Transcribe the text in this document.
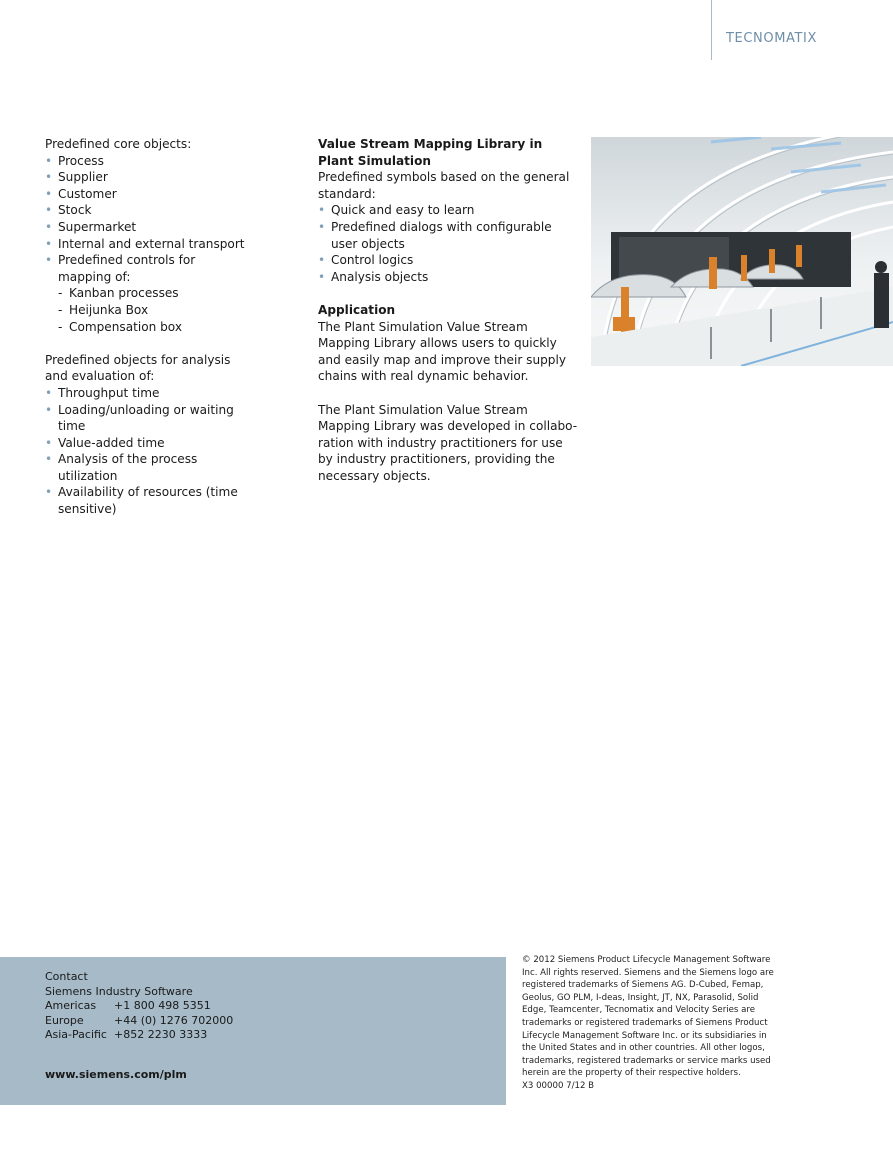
TECNOMATIX

Predefined core objects:

• Process
• Supplier
• Customer
• Stock
• Supermarket
• Internal and external transport
• Predefined controls for mapping of:
- Kanban processes
- Heijunka Box
- Compensation box

Predefined objects for analysis and evaluation of:

• Throughput time
• Loading/unloading or waiting time
• Value-added time
• Analysis of the process utilization
• Availability of resources (time sensitive)

Value Stream Mapping Library in Plant Simulation

Predefined symbols based on the general standard:

• Quick and easy to learn
• Predefined dialogs with configurable user objects
• Control logics
• Analysis objects

Application

The Plant Simulation Value Stream Mapping Library allows users to quickly and easily map and improve their supply chains with real dynamic behavior.

The Plant Simulation Value Stream Mapping Library was developed in collabo-ration with industry practitioners for use by industry practitioners, providing the necessary objects.

Contact
Siemens Industry Software
Americas	+1 800 498 5351
Europe	+44 (0) 1276 702000
Asia-Pacific +852 2230 3333
www.siemens.com/plm
© 2012 Siemens Product Lifecycle Management Software Inc. All rights reserved. Siemens and the Siemens logo are registered trademarks of Siemens AG. D-Cubed, Femap, Geolus, GO PLM, I-deas, Insight, JT, NX, Parasolid, Solid Edge, Teamcenter, Tecnomatix and Velocity Series are trademarks or registered trademarks of Siemens Product Lifecycle Management Software Inc. or its subsidiaries in the United States and in other countries. All other logos, trademarks, registered trademarks or service marks used herein are the property of their respective holders.
X3 00000 7/12 B
